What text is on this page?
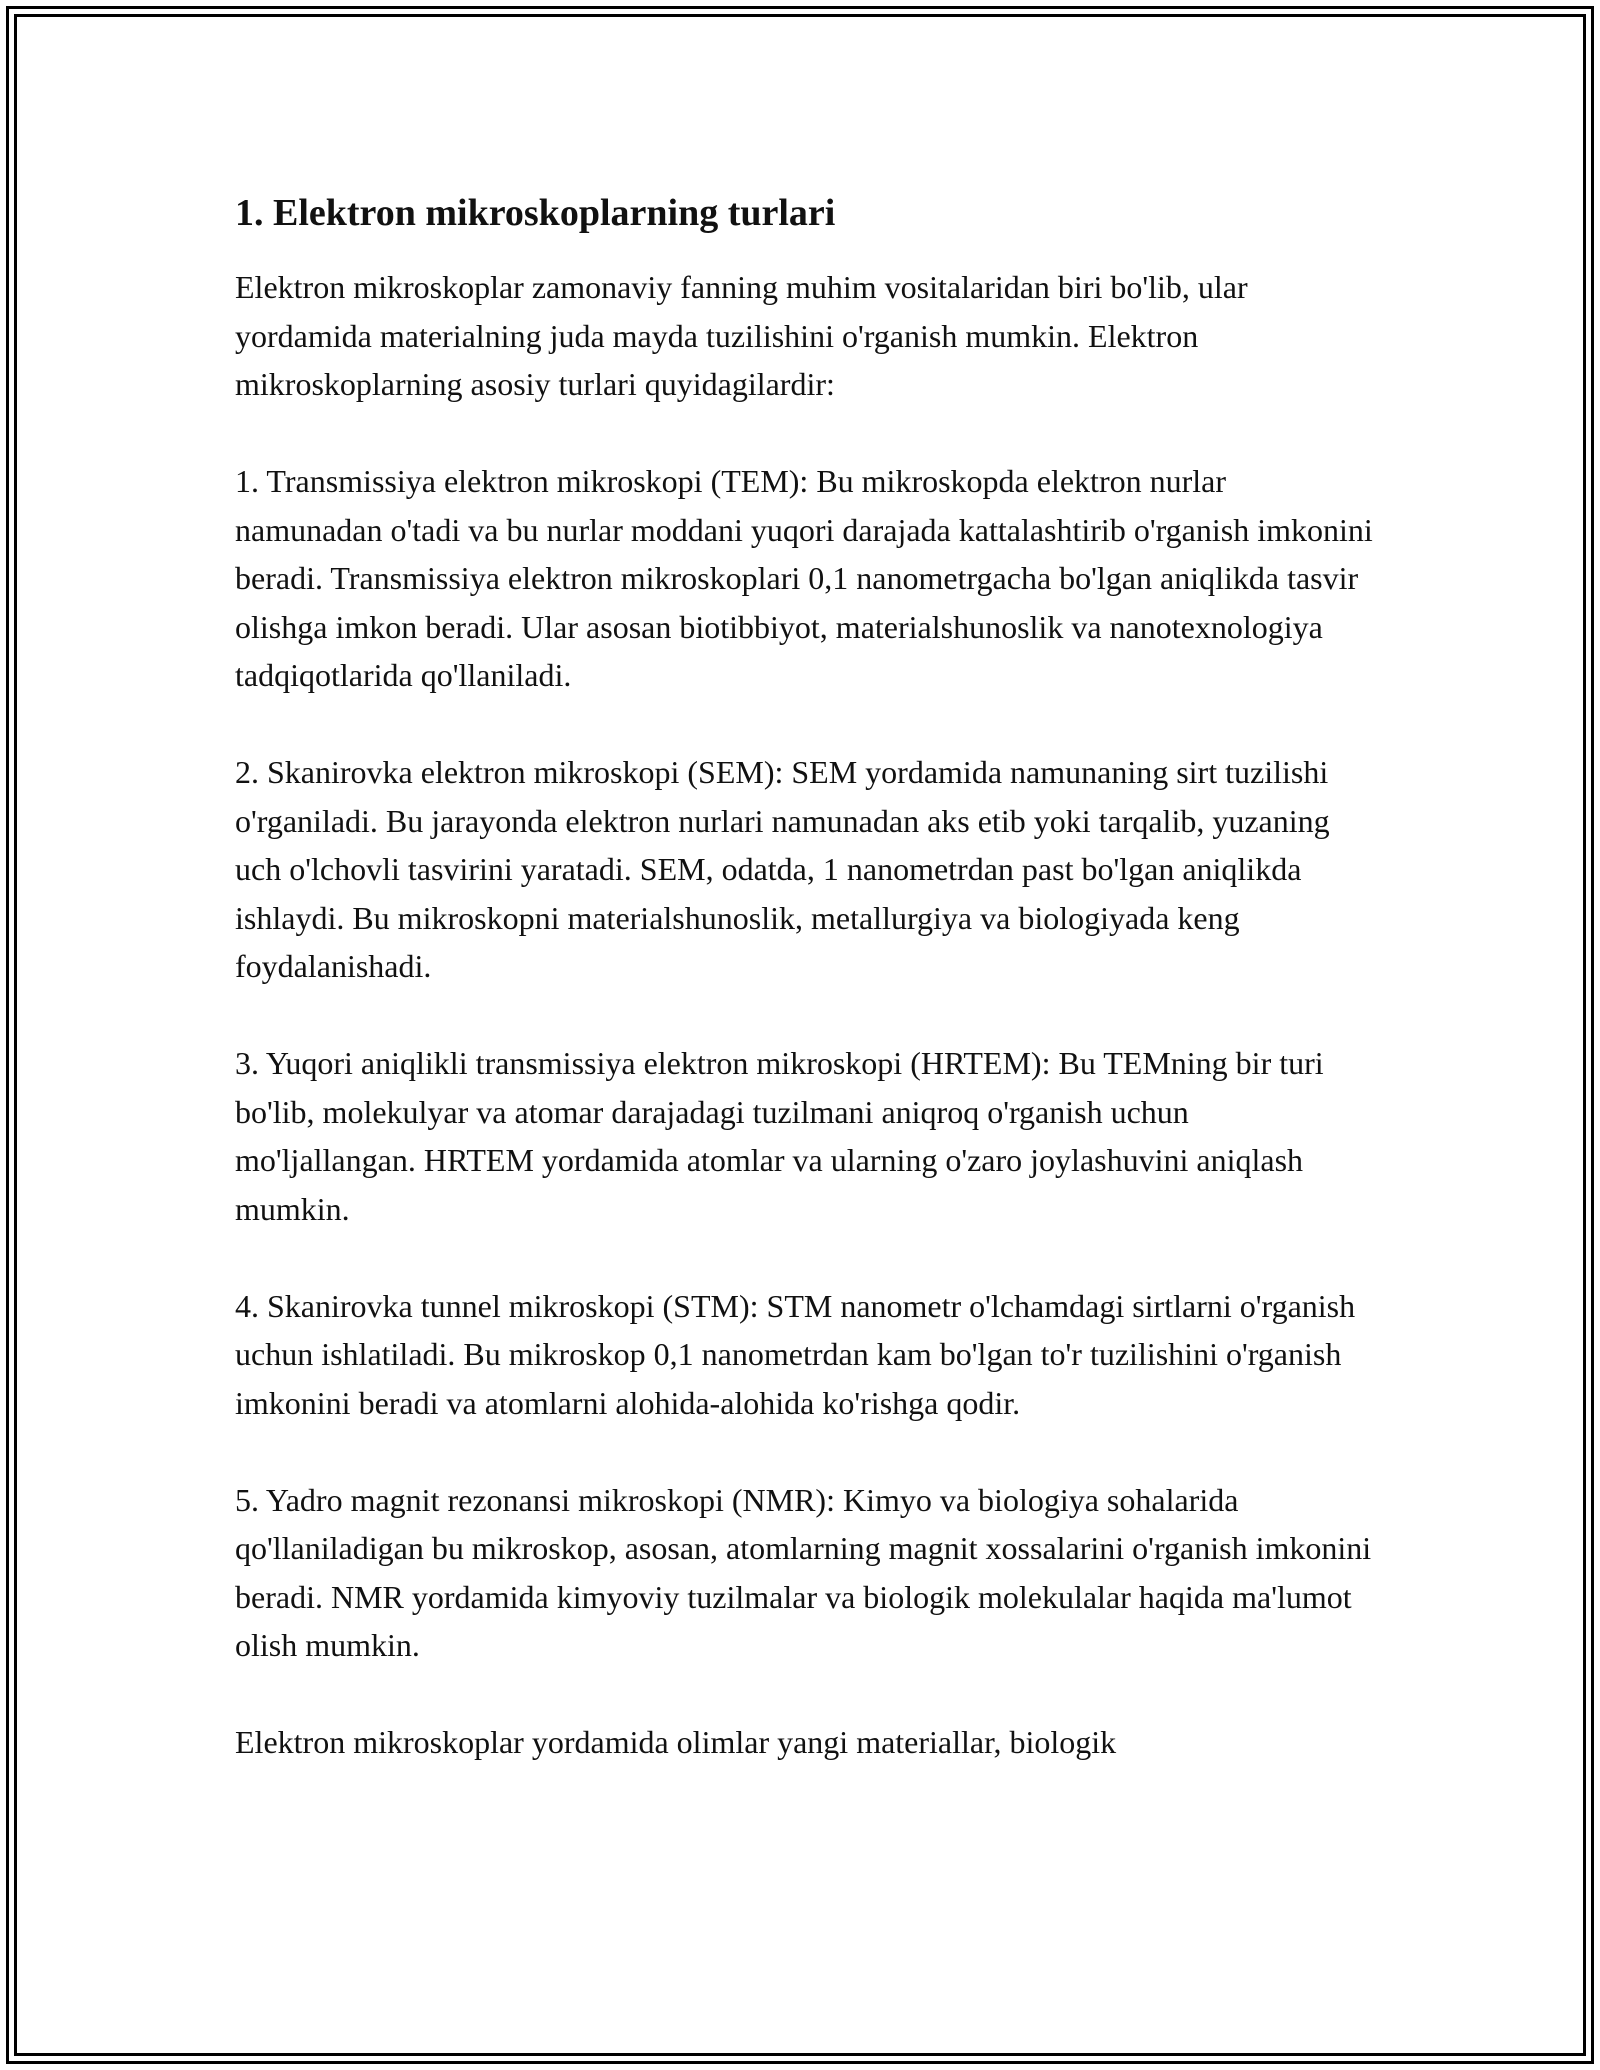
1. Elektron mikroskoplarning turlari

Elektron mikroskoplar zamonaviy fanning muhim vositalaridan biri bo'lib, ular yordamida materialning juda mayda tuzilishini o'rganish mumkin. Elektron mikroskoplarning asosiy turlari quyidagilardir:

1. Transmissiya elektron mikroskopi (TEM): Bu mikroskopda elektron nurlar namunadan o'tadi va bu nurlar moddani yuqori darajada kattalashtirib o'rganish imkonini beradi. Transmissiya elektron mikroskoplari 0,1 nanometrgacha bo'lgan aniqlikda tasvir olishga imkon beradi. Ular asosan biotibbiyot, materialshunoslik va nanotexnologiya tadqiqotlarida qo'llaniladi.

2. Skanirovka elektron mikroskopi (SEM): SEM yordamida namunaning sirt tuzilishi o'rganiladi. Bu jarayonda elektron nurlari namunadan aks etib yoki tarqalib, yuzaning uch o'lchovli tasvirini yaratadi. SEM, odatda, 1 nanometrdan past bo'lgan aniqlikda ishlaydi. Bu mikroskopni materialshunoslik, metallurgiya va biologiyada keng foydalanishadi.

3. Yuqori aniqlikli transmissiya elektron mikroskopi (HRTEM): Bu TEMning bir turi bo'lib, molekulyar va atomar darajadagi tuzilmani aniqroq o'rganish uchun mo'ljallangan. HRTEM yordamida atomlar va ularning o'zaro joylashuvini aniqlash mumkin.

4. Skanirovka tunnel mikroskopi (STM): STM nanometr o'lchamdagi sirtlarni o'rganish uchun ishlatiladi. Bu mikroskop 0,1 nanometrdan kam bo'lgan to'r tuzilishini o'rganish imkonini beradi va atomlarni alohida-alohida ko'rishga qodir.

5. Yadro magnit rezonansi mikroskopi (NMR): Kimyo va biologiya sohalarida qo'llaniladigan bu mikroskop, asosan, atomlarning magnit xossalarini o'rganish imkonini beradi. NMR yordamida kimyoviy tuzilmalar va biologik molekulalar haqida ma'lumot olish mumkin.

Elektron mikroskoplar yordamida olimlar yangi materiallar, biologik
